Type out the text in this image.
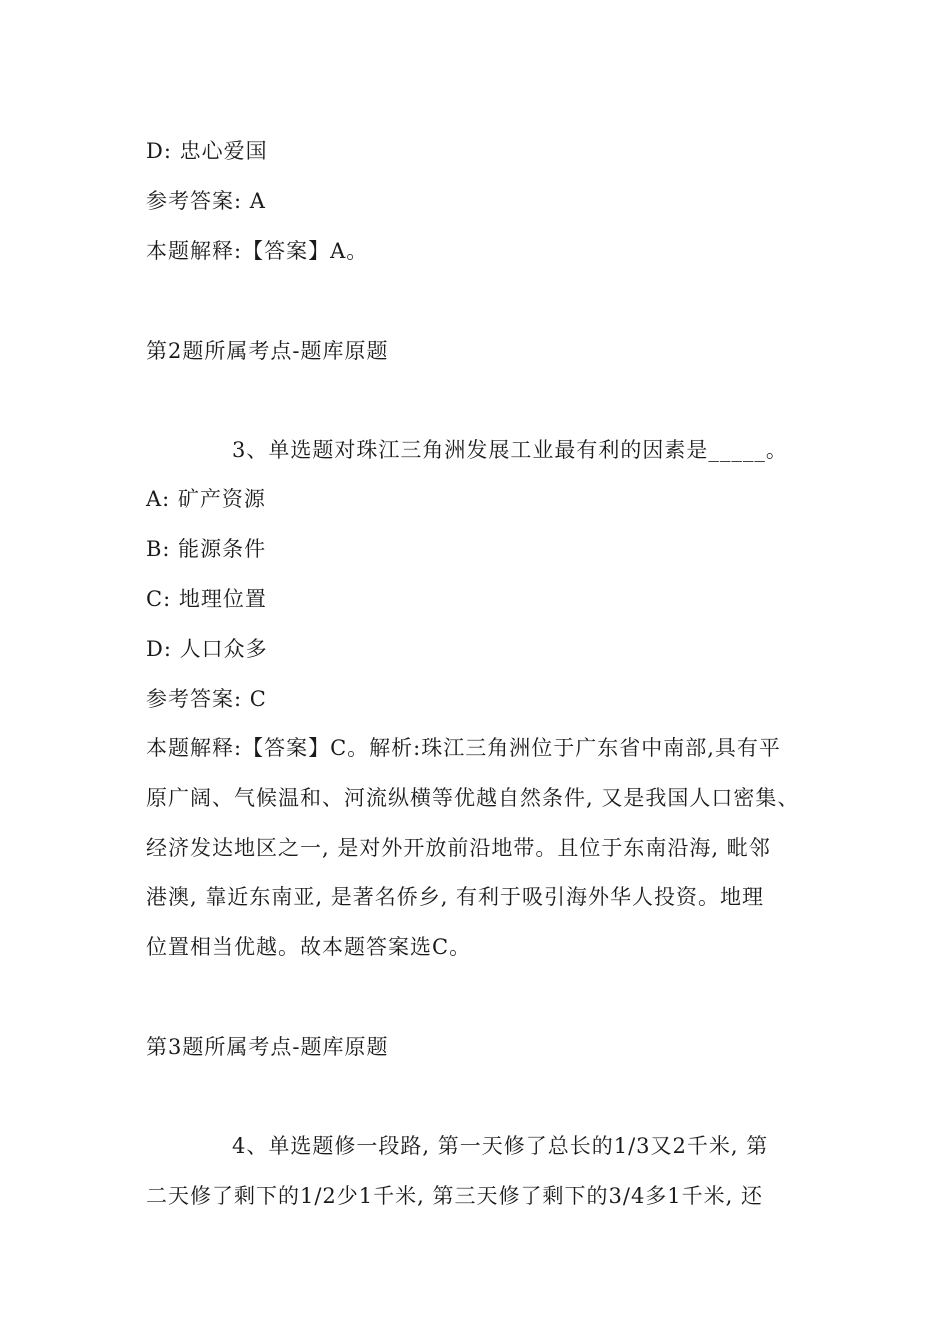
D: 忠心爱国
参考答案: A
本题解释:【答案】A。
第2题所属考点-题库原题
3、单选题对珠江三角洲发展工业最有利的因素是_____。
A: 矿产资源
B: 能源条件
C: 地理位置
D: 人口众多
参考答案: C
本题解释:【答案】C。解析:珠江三角洲位于广东省中南部,具有平
原广阔、气候温和、河流纵横等优越自然条件, 又是我国人口密集、
经济发达地区之一, 是对外开放前沿地带。且位于东南沿海, 毗邻
港澳, 靠近东南亚, 是著名侨乡, 有利于吸引海外华人投资。地理
位置相当优越。故本题答案选C。
第3题所属考点-题库原题
4、单选题修一段路, 第一天修了总长的1/3又2千米, 第
二天修了剩下的1/2少1千米, 第三天修了剩下的3/4多1千米, 还
